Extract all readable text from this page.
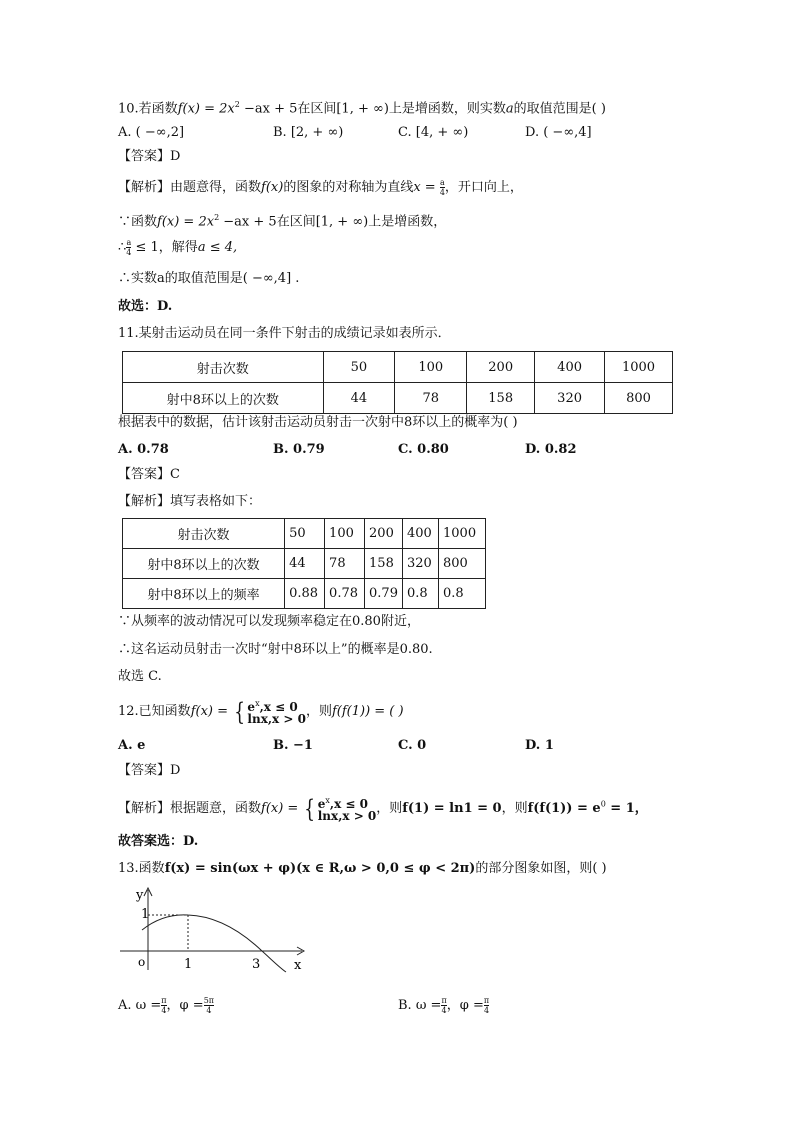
10.若函数$f(x) = 2x^2 -ax + 5$在区间[1, + ∞)上是增函数，则实数a的取值范围是( )
A. ( −∞,2]	B. [2, + ∞)	C. [4, + ∞)	D. ( −∞,4]
【答案】D
【解析】由题意得，函数f(x)的图象的对称轴为直线$x = \frac{a}{4}$ ，开口向上，
∵函数$f(x) = 2x^2 -ax + 5$在区间[1, + ∞)上是增函数，
∴ $\frac{a}{4} \le 1$，解得a ≤ 4,
∴实数a的取值范围是( −∞,4] .
故选：D.
11.某射击运动员在同一条件下射击的成绩记录如表所示．
射击次数	50	100	200	400	1000
射中8环以上的次数	44	78	158	320	800
根据表中的数据，估计该射击运动员射击一次射中8环以上的概率为( )
A. 0.78	B. 0.79	C. 0.80	D. 0.82
【答案】C
【解析】填写表格如下：
射击次数	50	100	200	400	1000
射中8环以上的次数	44	78	158	320	800
射中8环以上的频率	0.88	0.78	0.79	0.8	0.8
∵从频率的波动情况可以发现频率稳定在0.80附近，
∴这名运动员射击一次时“射中8环以上”的概率是0.80.
故选 C.
12.已知函数f(x) = { $e^x,x \le 0$
lnx,x > 0 ，则f(f(1)) = ( )
A. e	B. −1	C. 0	D. 1
【答案】D
【解析】根据题意，函数f(x) = { $e^x,x \le 0$
lnx,x > 0 ，则f(1) = ln1 = 0，则$f(f(1)) = e^0 = 1$，
故答案选：D.
13.函数f(x) = sin(ωx + φ)(x ∈ R,ω > 0,0 ≤ φ < 2π)的部分图象如图，则( )
y
1
o	1	3	x
A. $\omega = \frac{\pi}{4}$ ，$\varphi = \frac{5\pi}{4}$	B. $\omega = \frac{\pi}{4}$ ，$\varphi = \frac{\pi}{4}$
